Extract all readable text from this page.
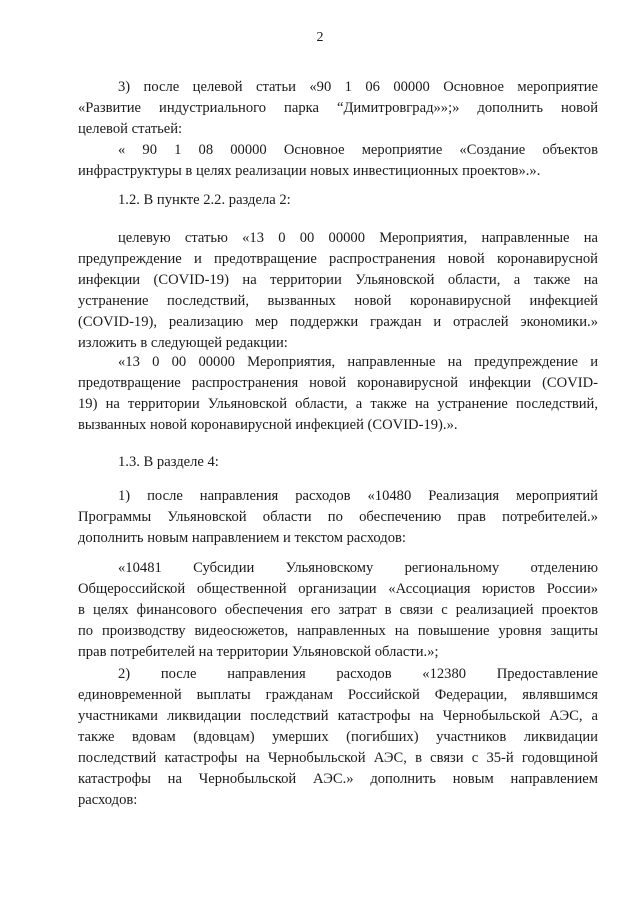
2
3) после целевой статьи «90 1 06 00000 Основное мероприятие
«Развитие индустриального парка “Димитровград»»;» дополнить новой
целевой статьей:
« 90 1 08 00000 Основное мероприятие «Создание объектов
инфраструктуры в целях реализации новых инвестиционных проектов».».
1.2. В пункте 2.2. раздела 2:
целевую статью «13 0 00 00000 Мероприятия, направленные на
предупреждение и предотвращение распространения новой коронавирусной
инфекции (COVID-19) на территории Ульяновской области, а также на
устранение последствий, вызванных новой коронавирусной инфекцией
(COVID-19), реализацию мер поддержки граждан и отраслей экономики.»
изложить в следующей редакции:
«13 0 00 00000 Мероприятия, направленные на предупреждение и
предотвращение распространения новой коронавирусной инфекции (COVID-
19) на территории Ульяновской области, а также на устранение последствий,
вызванных новой коронавирусной инфекцией (COVID-19).».
1.3. В разделе 4:
1) после направления расходов «10480 Реализация мероприятий
Программы Ульяновской области по обеспечению прав потребителей.»
дополнить новым направлением и текстом расходов:
«10481 Субсидии Ульяновскому региональному отделению
Общероссийской общественной организации «Ассоциация юристов России»
в целях финансового обеспечения его затрат в связи с реализацией проектов
по производству видеосюжетов, направленных на повышение уровня защиты
прав потребителей на территории Ульяновской области.»;
2) после направления расходов «12380 Предоставление
единовременной выплаты гражданам Российской Федерации, являвшимся
участниками ликвидации последствий катастрофы на Чернобыльской АЭС, а
также вдовам (вдовцам) умерших (погибших) участников ликвидации
последствий катастрофы на Чернобыльской АЭС, в связи с 35-й годовщиной
катастрофы на Чернобыльской АЭС.» дополнить новым направлением
расходов:
